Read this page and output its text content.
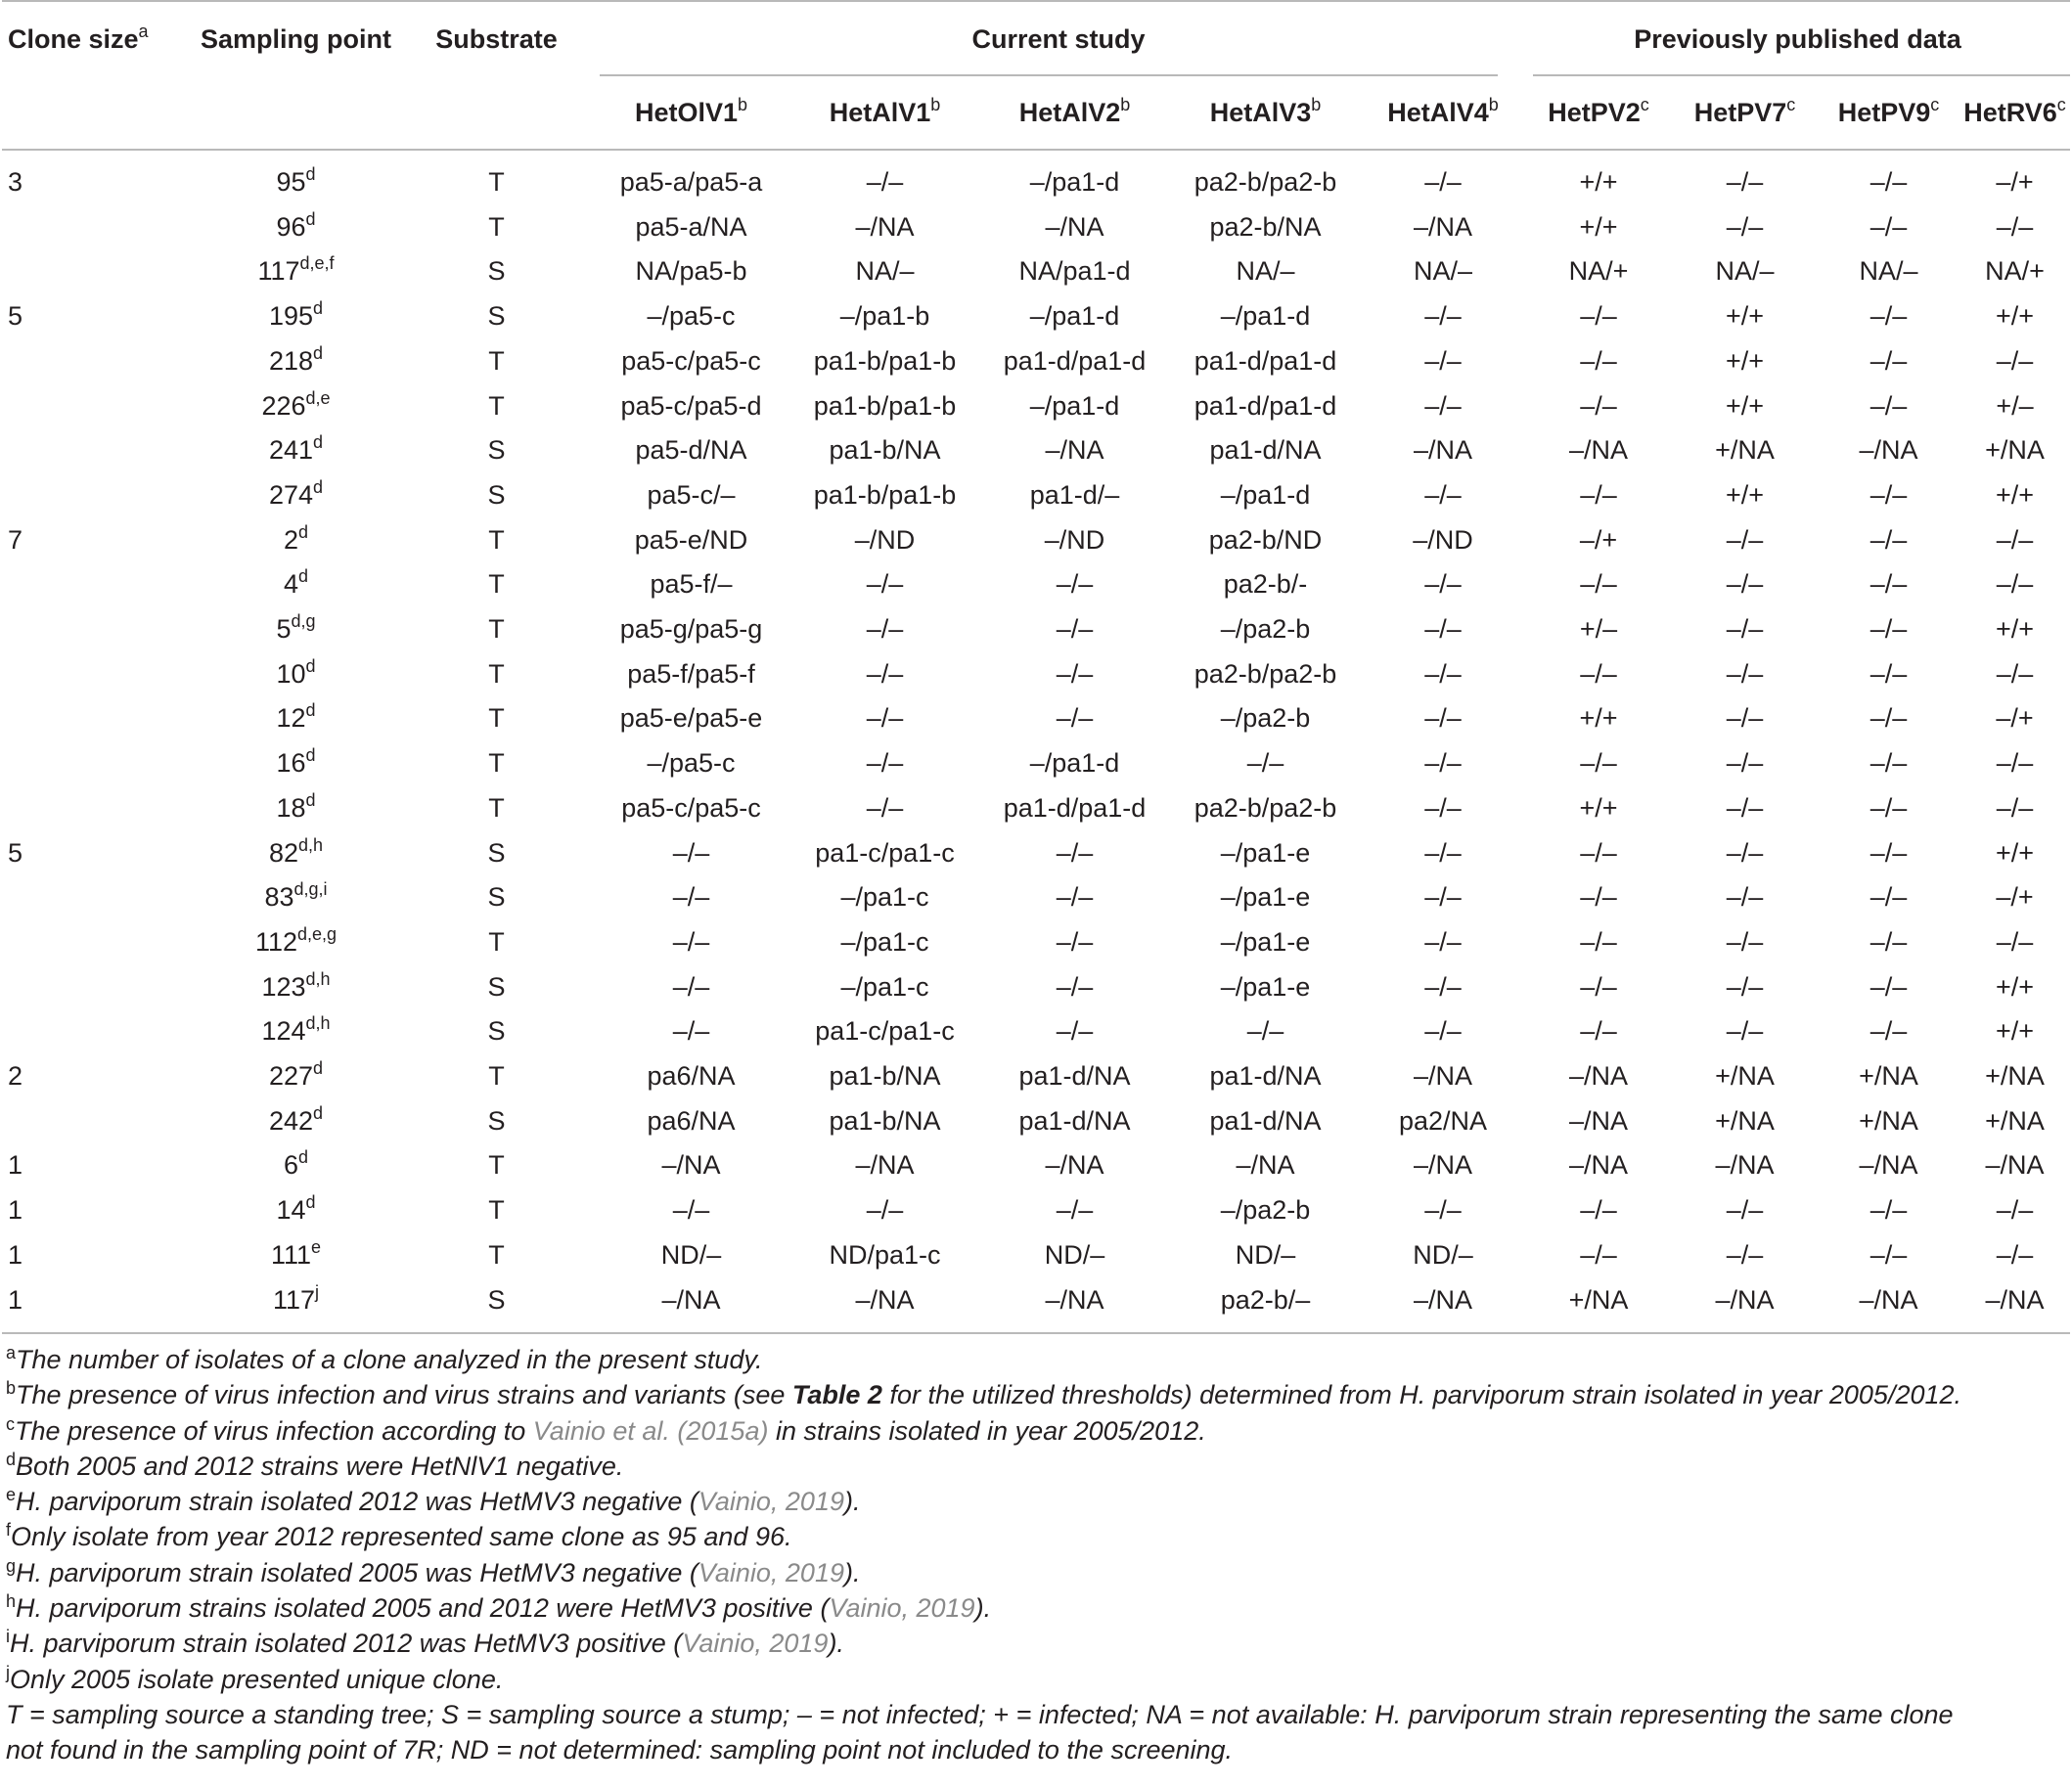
Clone size$^a$	Sampling point	Substrate	Current study					Previously published data			

			HetOlV1$^b$	HetAlV1$^b$	HetAlV2$^b$	HetAlV3$^b$	HetAlV4$^b$	HetPV2$^c$	HetPV7$^c$	HetPV9$^c$	HetRV6$^c$
3	95$^d$	T	pa5-a/pa5-a	–/–	–/pa1-d	pa2-b/pa2-b	–/–	+/+	–/–	–/–	–/+
	96$^d$	T	pa5-a/NA	–/NA	–/NA	pa2-b/NA	–/NA	+/+	–/–	–/–	–/–
	117$^{d,e,f}$	S	NA/pa5-b	NA/–	NA/pa1-d	NA/–	NA/–	NA/+	NA/–	NA/–	NA/+
5	195$^d$	S	–/pa5-c	–/pa1-b	–/pa1-d	–/pa1-d	–/–	–/–	+/+	–/–	+/+
	218$^d$	T	pa5-c/pa5-c	pa1-b/pa1-b	pa1-d/pa1-d	pa1-d/pa1-d	–/–	–/–	+/+	–/–	–/–
	226$^{d,e}$	T	pa5-c/pa5-d	pa1-b/pa1-b	–/pa1-d	pa1-d/pa1-d	–/–	–/–	+/+	–/–	+/–
	241$^d$	S	pa5-d/NA	pa1-b/NA	–/NA	pa1-d/NA	–/NA	–/NA	+/NA	–/NA	+/NA
	274$^d$	S	pa5-c/–	pa1-b/pa1-b	pa1-d/–	–/pa1-d	–/–	–/–	+/+	–/–	+/+
7	2$^d$	T	pa5-e/ND	–/ND	–/ND	pa2-b/ND	–/ND	–/+	–/–	–/–	–/–
	4$^d$	T	pa5-f/–	–/–	–/–	pa2-b/-	–/–	–/–	–/–	–/–	–/–
	5$^{d,g}$	T	pa5-g/pa5-g	–/–	–/–	–/pa2-b	–/–	+/–	–/–	–/–	+/+
	10$^d$	T	pa5-f/pa5-f	–/–	–/–	pa2-b/pa2-b	–/–	–/–	–/–	–/–	–/–
	12$^d$	T	pa5-e/pa5-e	–/–	–/–	–/pa2-b	–/–	+/+	–/–	–/–	–/+
	16$^d$	T	–/pa5-c	–/–	–/pa1-d	–/–	–/–	–/–	–/–	–/–	–/–
	18$^d$	T	pa5-c/pa5-c	–/–	pa1-d/pa1-d	pa2-b/pa2-b	–/–	+/+	–/–	–/–	–/–
5	82$^{d,h}$	S	–/–	pa1-c/pa1-c	–/–	–/pa1-e	–/–	–/–	–/–	–/–	+/+
	83$^{d,g,i}$	S	–/–	–/pa1-c	–/–	–/pa1-e	–/–	–/–	–/–	–/–	–/+
	112$^{d,e,g}$	T	–/–	–/pa1-c	–/–	–/pa1-e	–/–	–/–	–/–	–/–	–/–
	123$^{d,h}$	S	–/–	–/pa1-c	–/–	–/pa1-e	–/–	–/–	–/–	–/–	+/+
	124$^{d,h}$	S	–/–	pa1-c/pa1-c	–/–	–/–	–/–	–/–	–/–	–/–	+/+
2	227$^d$	T	pa6/NA	pa1-b/NA	pa1-d/NA	pa1-d/NA	–/NA	–/NA	+/NA	+/NA	+/NA
	242$^d$	S	pa6/NA	pa1-b/NA	pa1-d/NA	pa1-d/NA	pa2/NA	–/NA	+/NA	+/NA	+/NA
1	6$^d$	T	–/NA	–/NA	–/NA	–/NA	–/NA	–/NA	–/NA	–/NA	–/NA
1	14$^d$	T	–/–	–/–	–/–	–/pa2-b	–/–	–/–	–/–	–/–	–/–
1	111e	T	ND/–	ND/pa1-c	ND/–	ND/–	ND/–	–/–	–/–	–/–	–/–
1	117$^j$	S	–/NA	–/NA	–/NA	pa2-b/–	–/NA	+/NA	–/NA	–/NA	–/NA
$^a$The number of isolates of a clone analyzed in the present study.
$^b$The presence of virus infection and virus strains and variants (see Table 2 for the utilized thresholds) determined from H. parviporum strain isolated in year 2005/2012.
$^c$The presence of virus infection according to Vainio et al. (2015a) in strains isolated in year 2005/2012.
$^d$Both 2005 and 2012 strains were HetNlV1 negative.
$^e$H. parviporum strain isolated 2012 was HetMV3 negative (Vainio, 2019).
$^f$Only isolate from year 2012 represented same clone as 95 and 96.
$^g$H. parviporum strain isolated 2005 was HetMV3 negative (Vainio, 2019).
$^h$H. parviporum strains isolated 2005 and 2012 were HetMV3 positive (Vainio, 2019).
$^i$H. parviporum strain isolated 2012 was HetMV3 positive (Vainio, 2019).
$^j$Only 2005 isolate presented unique clone.
T = sampling source a standing tree; S = sampling source a stump; – = not infected; + = infected; NA = not available: H. parviporum strain representing the same clone
not found in the sampling point of 7R; ND = not determined: sampling point not included to the screening.
